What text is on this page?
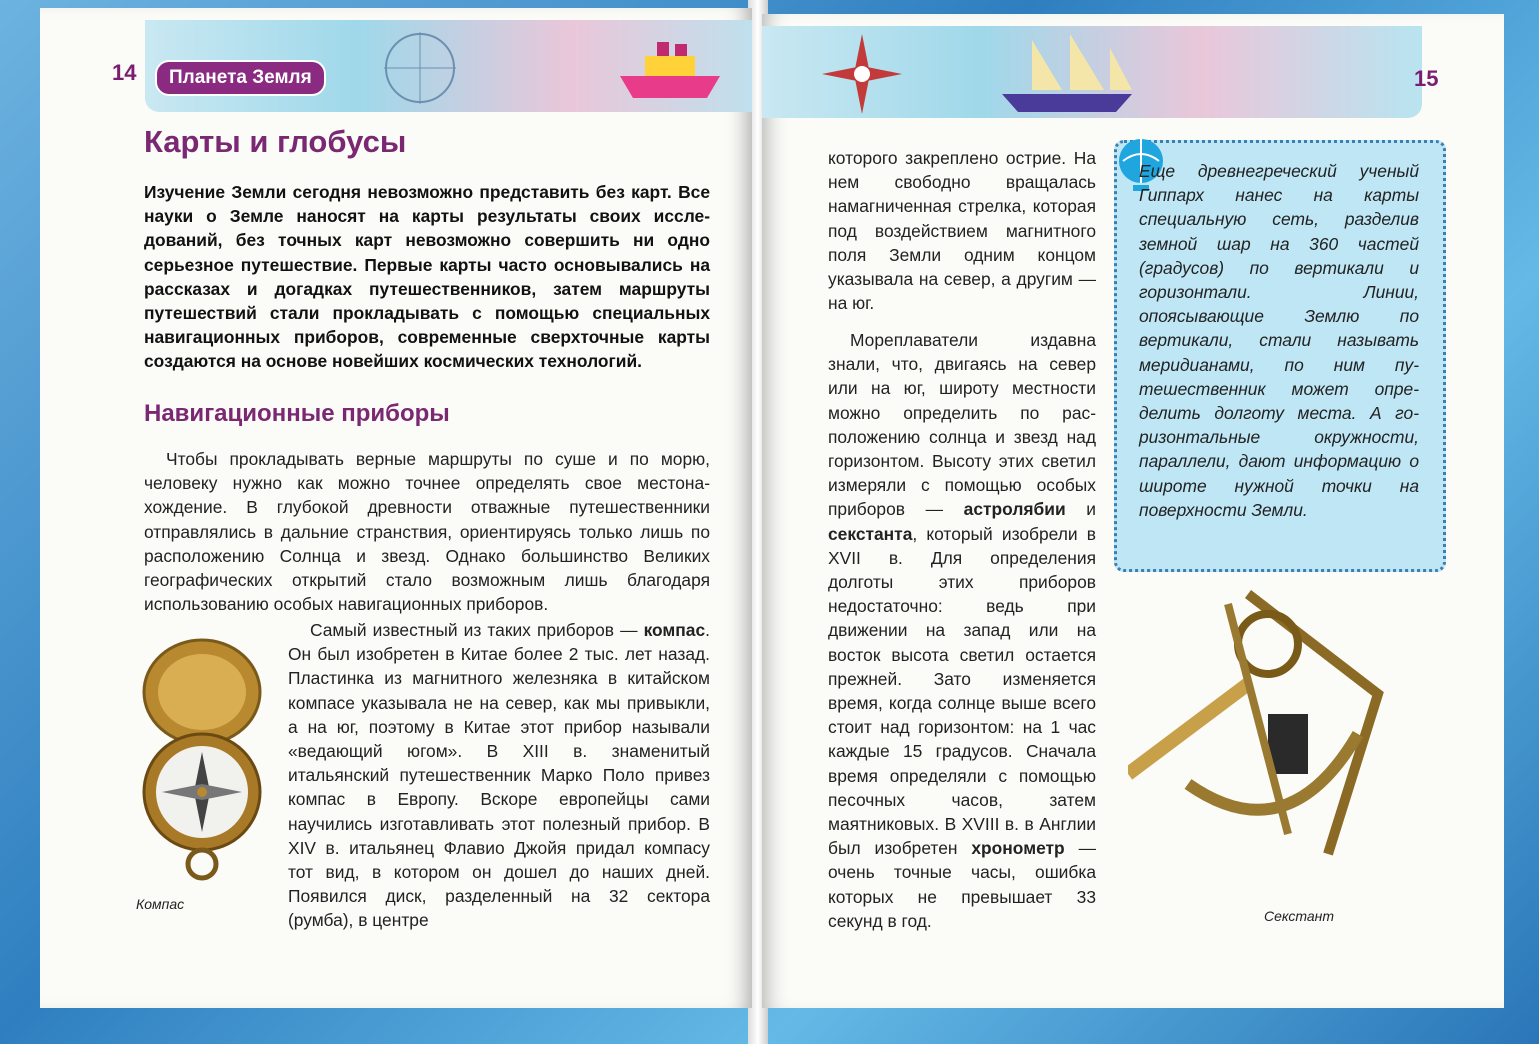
14	Планета Земля
Карты и глобусы

Изучение Земли сегодня невозможно представить без карт. Все науки о Земле наносят на карты результаты своих исследований, без точных карт невозможно совершить ни одно серьезное путешествие. Первые карты часто основывались на рассказах и догадках путешественников, затем маршруты путешествий стали прокладывать с помощью специальных навигационных приборов, современные сверхточные карты создаются на основе новейших космических технологий.

Навигационные приборы

Чтобы прокладывать верные маршруты по суше и по морю, человеку нужно как можно точнее определять свое местонахождение. В глубокой древности отважные путешественники отправлялись в дальние странствия, ориентируясь только лишь по расположению Солнца и звезд. Однако большинство Великих географических открытий стало возможным лишь благодаря использованию особых навигационных приборов.

Компас

Самый известный из таких приборов — компас. Он был изобретен в Китае более 2 тыс. лет назад. Пластинка из магнитного железняка в китайском компасе указывала не на север, как мы привыкли, а на юг, поэтому в Китае этот прибор называли «ведающий югом». В XIII в. знаменитый итальянский путешественник Марко Поло привез компас в Европу. Вскоре европейцы сами научились изготавливать этот полезный прибор. В XIV в. итальянец Флавио Джойя придал компасу тот вид, в котором он дошел до наших дней. Появился диск, разделенный на 32 сектора (румба), в центре

15

которого закреплено острие. На нем свободно вращалась намагниченная стрелка, которая под воздействием магнитного поля Земли одним концом указывала на север, а другим — на юг.

Мореплаватели издавна знали, что, двигаясь на север или на юг, широту местности можно определить по расположению солнца и звезд над горизонтом. Высоту этих светил измеряли с помощью особых приборов — астролябии и секстанта, который изобрели в XVII в. Для определения долготы этих приборов недостаточно: ведь при движении на запад или на восток высота светил остается прежней. Зато изменяется время, когда солнце выше всего стоит над горизонтом: на 1 час каждые 15 градусов. Сначала время определяли с помощью песочных часов, затем маятниковых. В XVIII в. в Англии был изобретен хронометр — очень точные часы, ошибка которых не превышает 33 секунд в год.

Еще древнегреческий ученый Гиппарх нанес на карты специальную сеть, разделив земной шар на 360 частей (градусов) по вертикали и горизонтали. Линии, опоясывающие Землю по вертикали, стали называть меридианами, по ним путешественник может определить долготу места. А горизонтальные окружности, параллели, дают информацию о широте нужной точки на поверхности Земли.

Секстант
